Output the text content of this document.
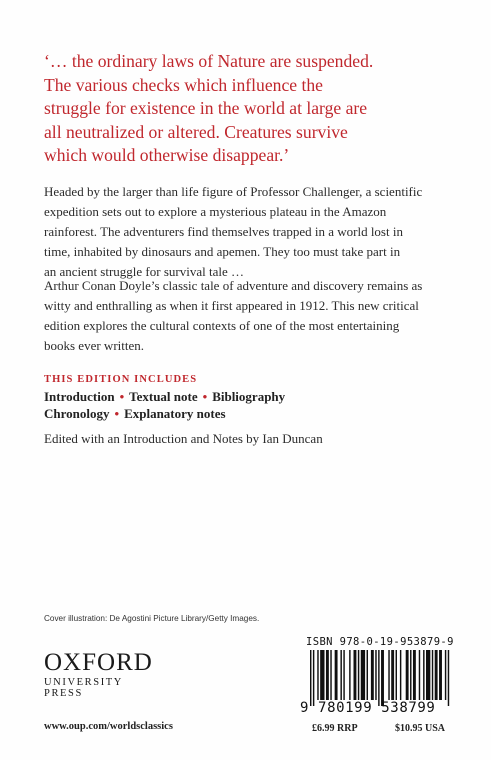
‘… the ordinary laws of Nature are suspended.
The various checks which influence the
struggle for existence in the world at large are
all neutralized or altered. Creatures survive
which would otherwise disappear.’
Headed by the larger than life figure of Professor Challenger, a scientific
expedition sets out to explore a mysterious plateau in the Amazon
rainforest. The adventurers find themselves trapped in a world lost in
time, inhabited by dinosaurs and apemen. They too must take part in
an ancient struggle for survival tale …
Arthur Conan Doyle’s classic tale of adventure and discovery remains as
witty and enthralling as when it first appeared in 1912. This new critical
edition explores the cultural contexts of one of the most entertaining
books ever written.
THIS EDITION INCLUDES
Introduction • Textual note • Bibliography
Chronology • Explanatory notes
Edited with an Introduction and Notes by Ian Duncan
Cover illustration: De Agostini Picture Library/Getty Images.
OXFORD
UNIVERSITY PRESS
www.oup.com/worldsclassics
ISBN 978-0-19-953879-9
9 780199 538799
£6.99 RRP	$10.95 USA
